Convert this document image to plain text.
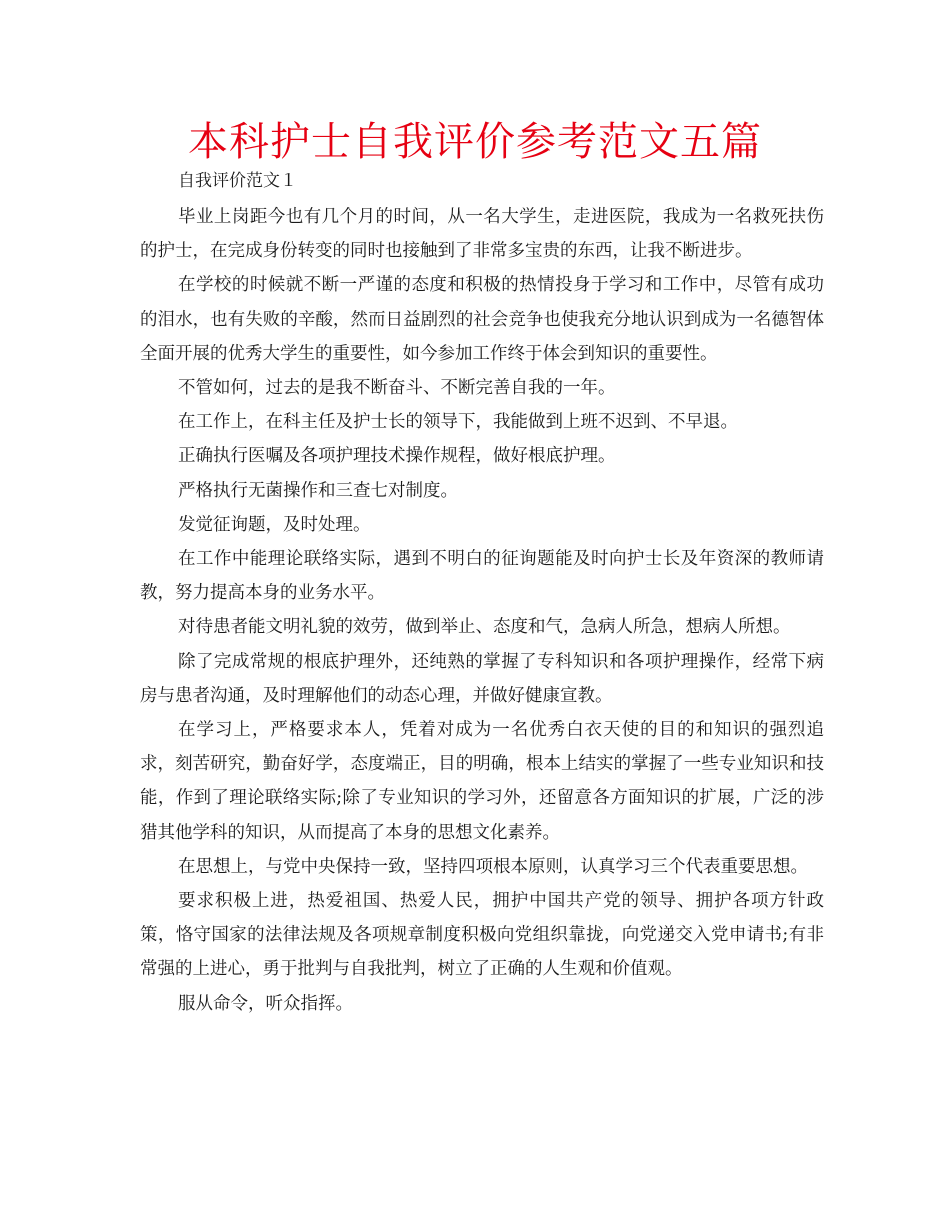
本科护士自我评价参考范文五篇
自我评价范文１

毕业上岗距今也有几个月的时间，从一名大学生，走进医院，我成为一名救死扶伤的护士，在完成身份转变的同时也接触到了非常多宝贵的东西，让我不断进步。

在学校的时候就不断一严谨的态度和积极的热情投身于学习和工作中，尽管有成功的泪水，也有失败的辛酸，然而日益剧烈的社会竞争也使我充分地认识到成为一名德智体全面开展的优秀大学生的重要性，如今参加工作终于体会到知识的重要性。

不管如何，过去的是我不断奋斗、不断完善自我的一年。

在工作上，在科主任及护士长的领导下，我能做到上班不迟到、不早退。

正确执行医嘱及各项护理技术操作规程，做好根底护理。

严格执行无菌操作和三查七对制度。

发觉征询题，及时处理。

在工作中能理论联络实际，遇到不明白的征询题能及时向护士长及年资深的教师请教，努力提高本身的业务水平。

对待患者能文明礼貌的效劳，做到举止、态度和气，急病人所急，想病人所想。

除了完成常规的根底护理外，还纯熟的掌握了专科知识和各项护理操作，经常下病房与患者沟通，及时理解他们的动态心理，并做好健康宣教。

在学习上，严格要求本人，凭着对成为一名优秀白衣天使的目的和知识的强烈追求，刻苦研究，勤奋好学，态度端正，目的明确，根本上结实的掌握了一些专业知识和技能，作到了理论联络实际;除了专业知识的学习外，还留意各方面知识的扩展，广泛的涉猎其他学科的知识，从而提高了本身的思想文化素养。

在思想上，与党中央保持一致，坚持四项根本原则，认真学习三个代表重要思想。

要求积极上进，热爱祖国、热爱人民，拥护中国共产党的领导、拥护各项方针政策，恪守国家的法律法规及各项规章制度积极向党组织靠拢，向党递交入党申请书;有非常强的上进心，勇于批判与自我批判，树立了正确的人生观和价值观。

服从命令，听众指挥。
